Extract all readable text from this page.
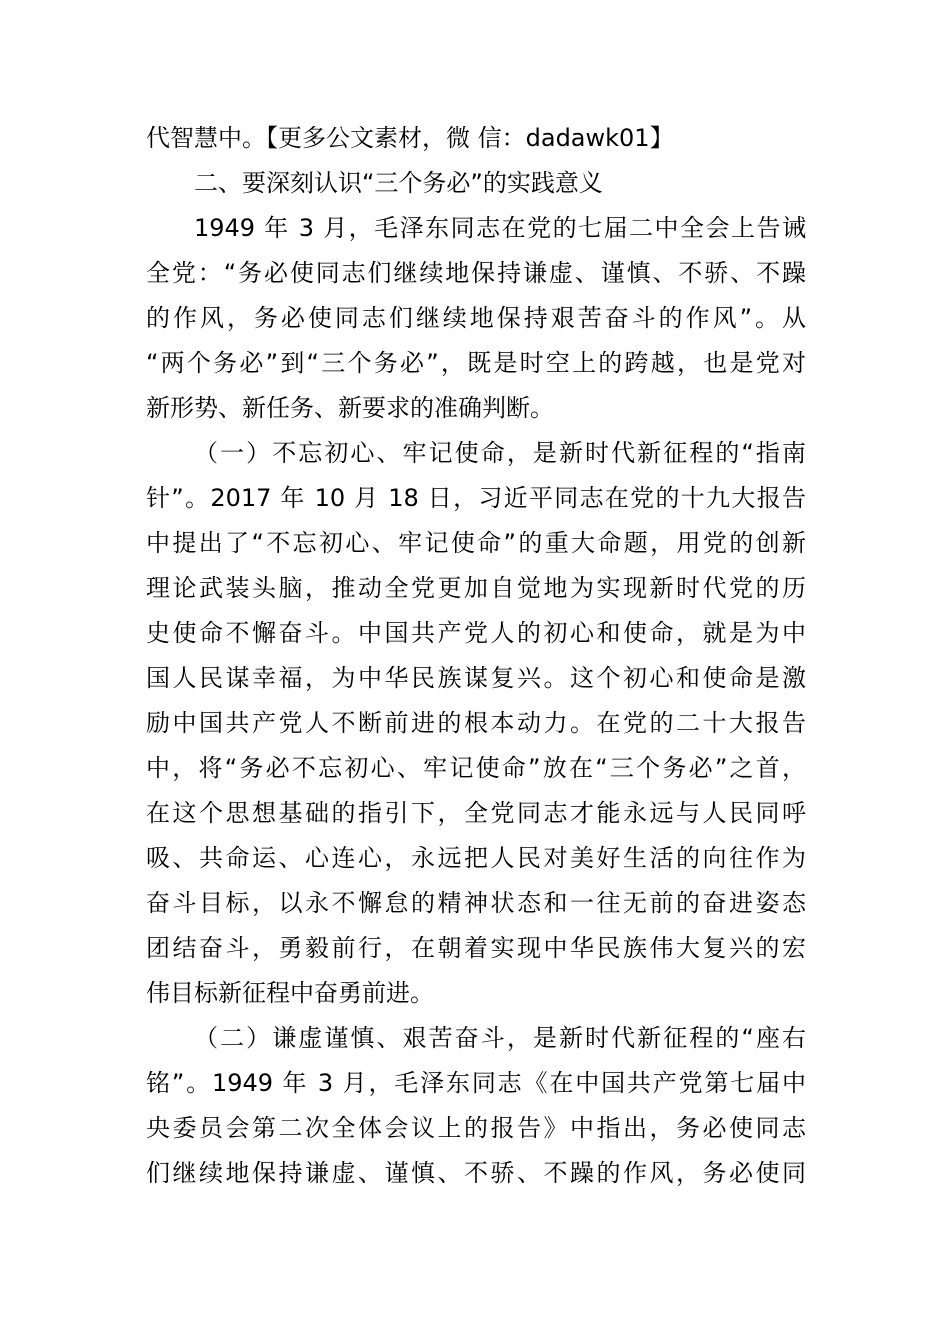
代智慧中。【更多公文素材，微 信：dadawk01】
二、要深刻认识“三个务必”的实践意义
1949 年 3 月，毛泽东同志在党的七届二中全会上告诫
全党：“务必使同志们继续地保持谦虚、谨慎、不骄、不躁
的作风，务必使同志们继续地保持艰苦奋斗的作风”。从
“两个务必”到“三个务必”，既是时空上的跨越，也是党对
新形势、新任务、新要求的准确判断。
（一）不忘初心、牢记使命，是新时代新征程的“指南
针”。2017 年 10 月 18 日，习近平同志在党的十九大报告
中提出了“不忘初心、牢记使命”的重大命题，用党的创新
理论武装头脑，推动全党更加自觉地为实现新时代党的历
史使命不懈奋斗。中国共产党人的初心和使命，就是为中
国人民谋幸福，为中华民族谋复兴。这个初心和使命是激
励中国共产党人不断前进的根本动力。在党的二十大报告
中，将“务必不忘初心、牢记使命”放在“三个务必”之首，
在这个思想基础的指引下，全党同志才能永远与人民同呼
吸、共命运、心连心，永远把人民对美好生活的向往作为
奋斗目标，以永不懈怠的精神状态和一往无前的奋进姿态
团结奋斗，勇毅前行，在朝着实现中华民族伟大复兴的宏
伟目标新征程中奋勇前进。
（二）谦虚谨慎、艰苦奋斗，是新时代新征程的“座右
铭”。1949 年 3 月，毛泽东同志《在中国共产党第七届中
央委员会第二次全体会议上的报告》中指出，务必使同志
们继续地保持谦虚、谨慎、不骄、不躁的作风，务必使同
